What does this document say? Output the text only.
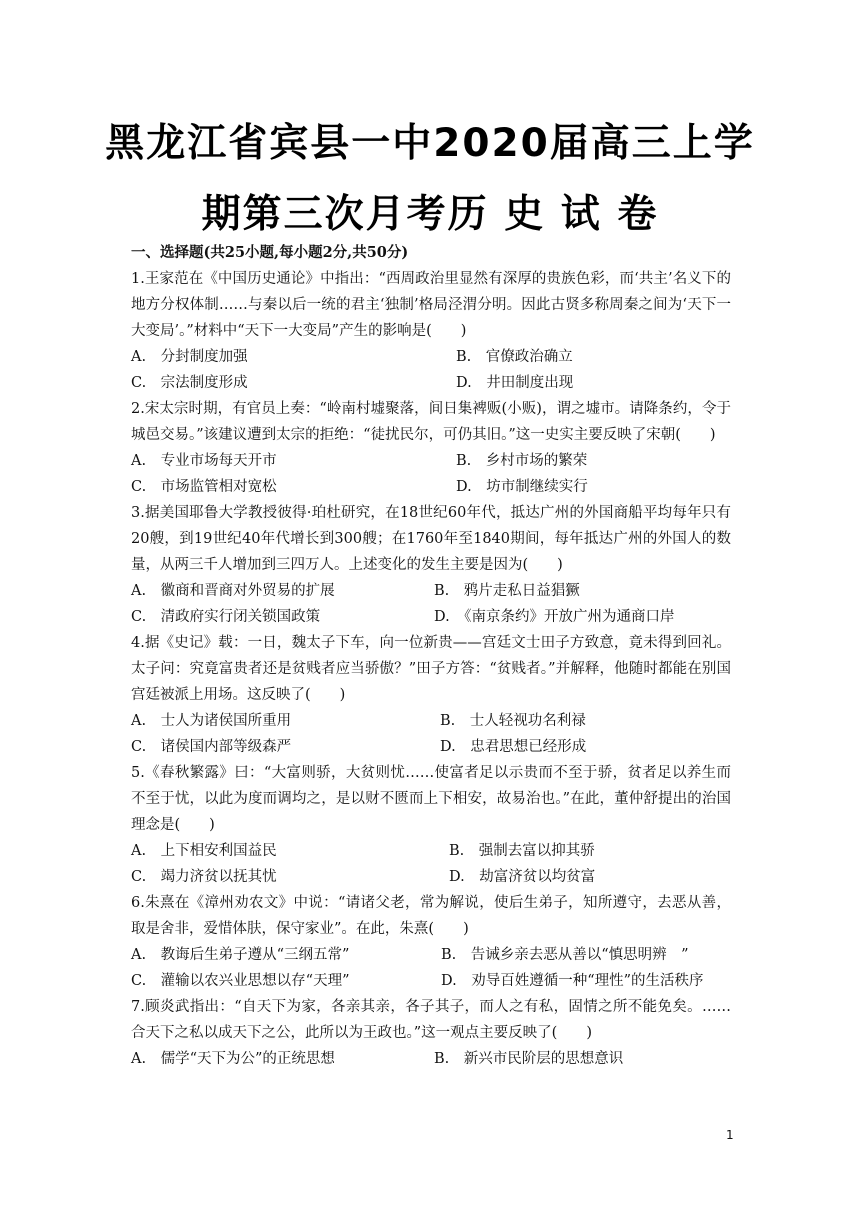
黑龙江省宾县一中2020届高三上学
期第三次月考历 史 试 卷
一、选择题(共25小题,每小题2分,共50分)
1.王家范在《中国历史通论》中指出：“西周政治里显然有深厚的贵族色彩，而‘共主’名义下的地方分权体制……与秦以后一统的君主‘独制’格局泾渭分明。因此古贤多称周秦之间为‘天下一大变局’。”材料中“天下一大变局”产生的影响是(　　)
A.　分封制度加强	B.　官僚政治确立
C.　宗法制度形成	D.　井田制度出现
2.宋太宗时期，有官员上奏：“岭南村墟聚落，间日集裨贩(小贩)，谓之墟市。请降条约，令于城邑交易。”该建议遭到太宗的拒绝：“徒扰民尔，可仍其旧。”这一史实主要反映了宋朝(　　)
A.　专业市场每天开市	B.　乡村市场的繁荣
C.　市场监管相对宽松	D.　坊市制继续实行
3.据美国耶鲁大学教授彼得·珀杜研究，在18世纪60年代，抵达广州的外国商船平均每年只有20艘，到19世纪40年代增长到300艘；在1760年至1840期间，每年抵达广州的外国人的数量，从两三千人增加到三四万人。上述变化的发生主要是因为(　　)
A.　徽商和晋商对外贸易的扩展	B.　鸦片走私日益猖獗
C.　清政府实行闭关锁国政策	D.　《南京条约》开放广州为通商口岸
4.据《史记》载：一日，魏太子下车，向一位新贵——宫廷文士田子方致意，竟未得到回礼。太子问：究竟富贵者还是贫贱者应当骄傲？”田子方答：“贫贱者。”并解释，他随时都能在别国宫廷被派上用场。这反映了(　　)
A.　士人为诸侯国所重用	B.　士人轻视功名利禄
C.　诸侯国内部等级森严	D.　忠君思想已经形成
5.《春秋繁露》曰：“大富则骄，大贫则忧……使富者足以示贵而不至于骄，贫者足以养生而不至于忧，以此为度而调均之，是以财不匮而上下相安，故易治也。”在此，董仲舒提出的治国理念是(　　)
A.　上下相安利国益民	B.　强制去富以抑其骄
C.　竭力济贫以抚其忧	D.　劫富济贫以均贫富
6.朱熹在《漳州劝农文》中说：“请诸父老，常为解说，使后生弟子，知所遵守，去恶从善，取是舍非，爱惜体肤，保守家业”。在此，朱熹(　　)
A.　教诲后生弟子遵从“三纲五常”	B.　告诫乡亲去恶从善以“慎思明辨　”
C.　灌输以农兴业思想以存“天理”	D.　劝导百姓遵循一种“理性”的生活秩序
7.顾炎武指出：“自天下为家，各亲其亲，各子其子，而人之有私，固情之所不能免矣。……合天下之私以成天下之公，此所以为王政也。”这一观点主要反映了(　　)
A.　儒学“天下为公”的正统思想	B.　新兴市民阶层的思想意识
1
